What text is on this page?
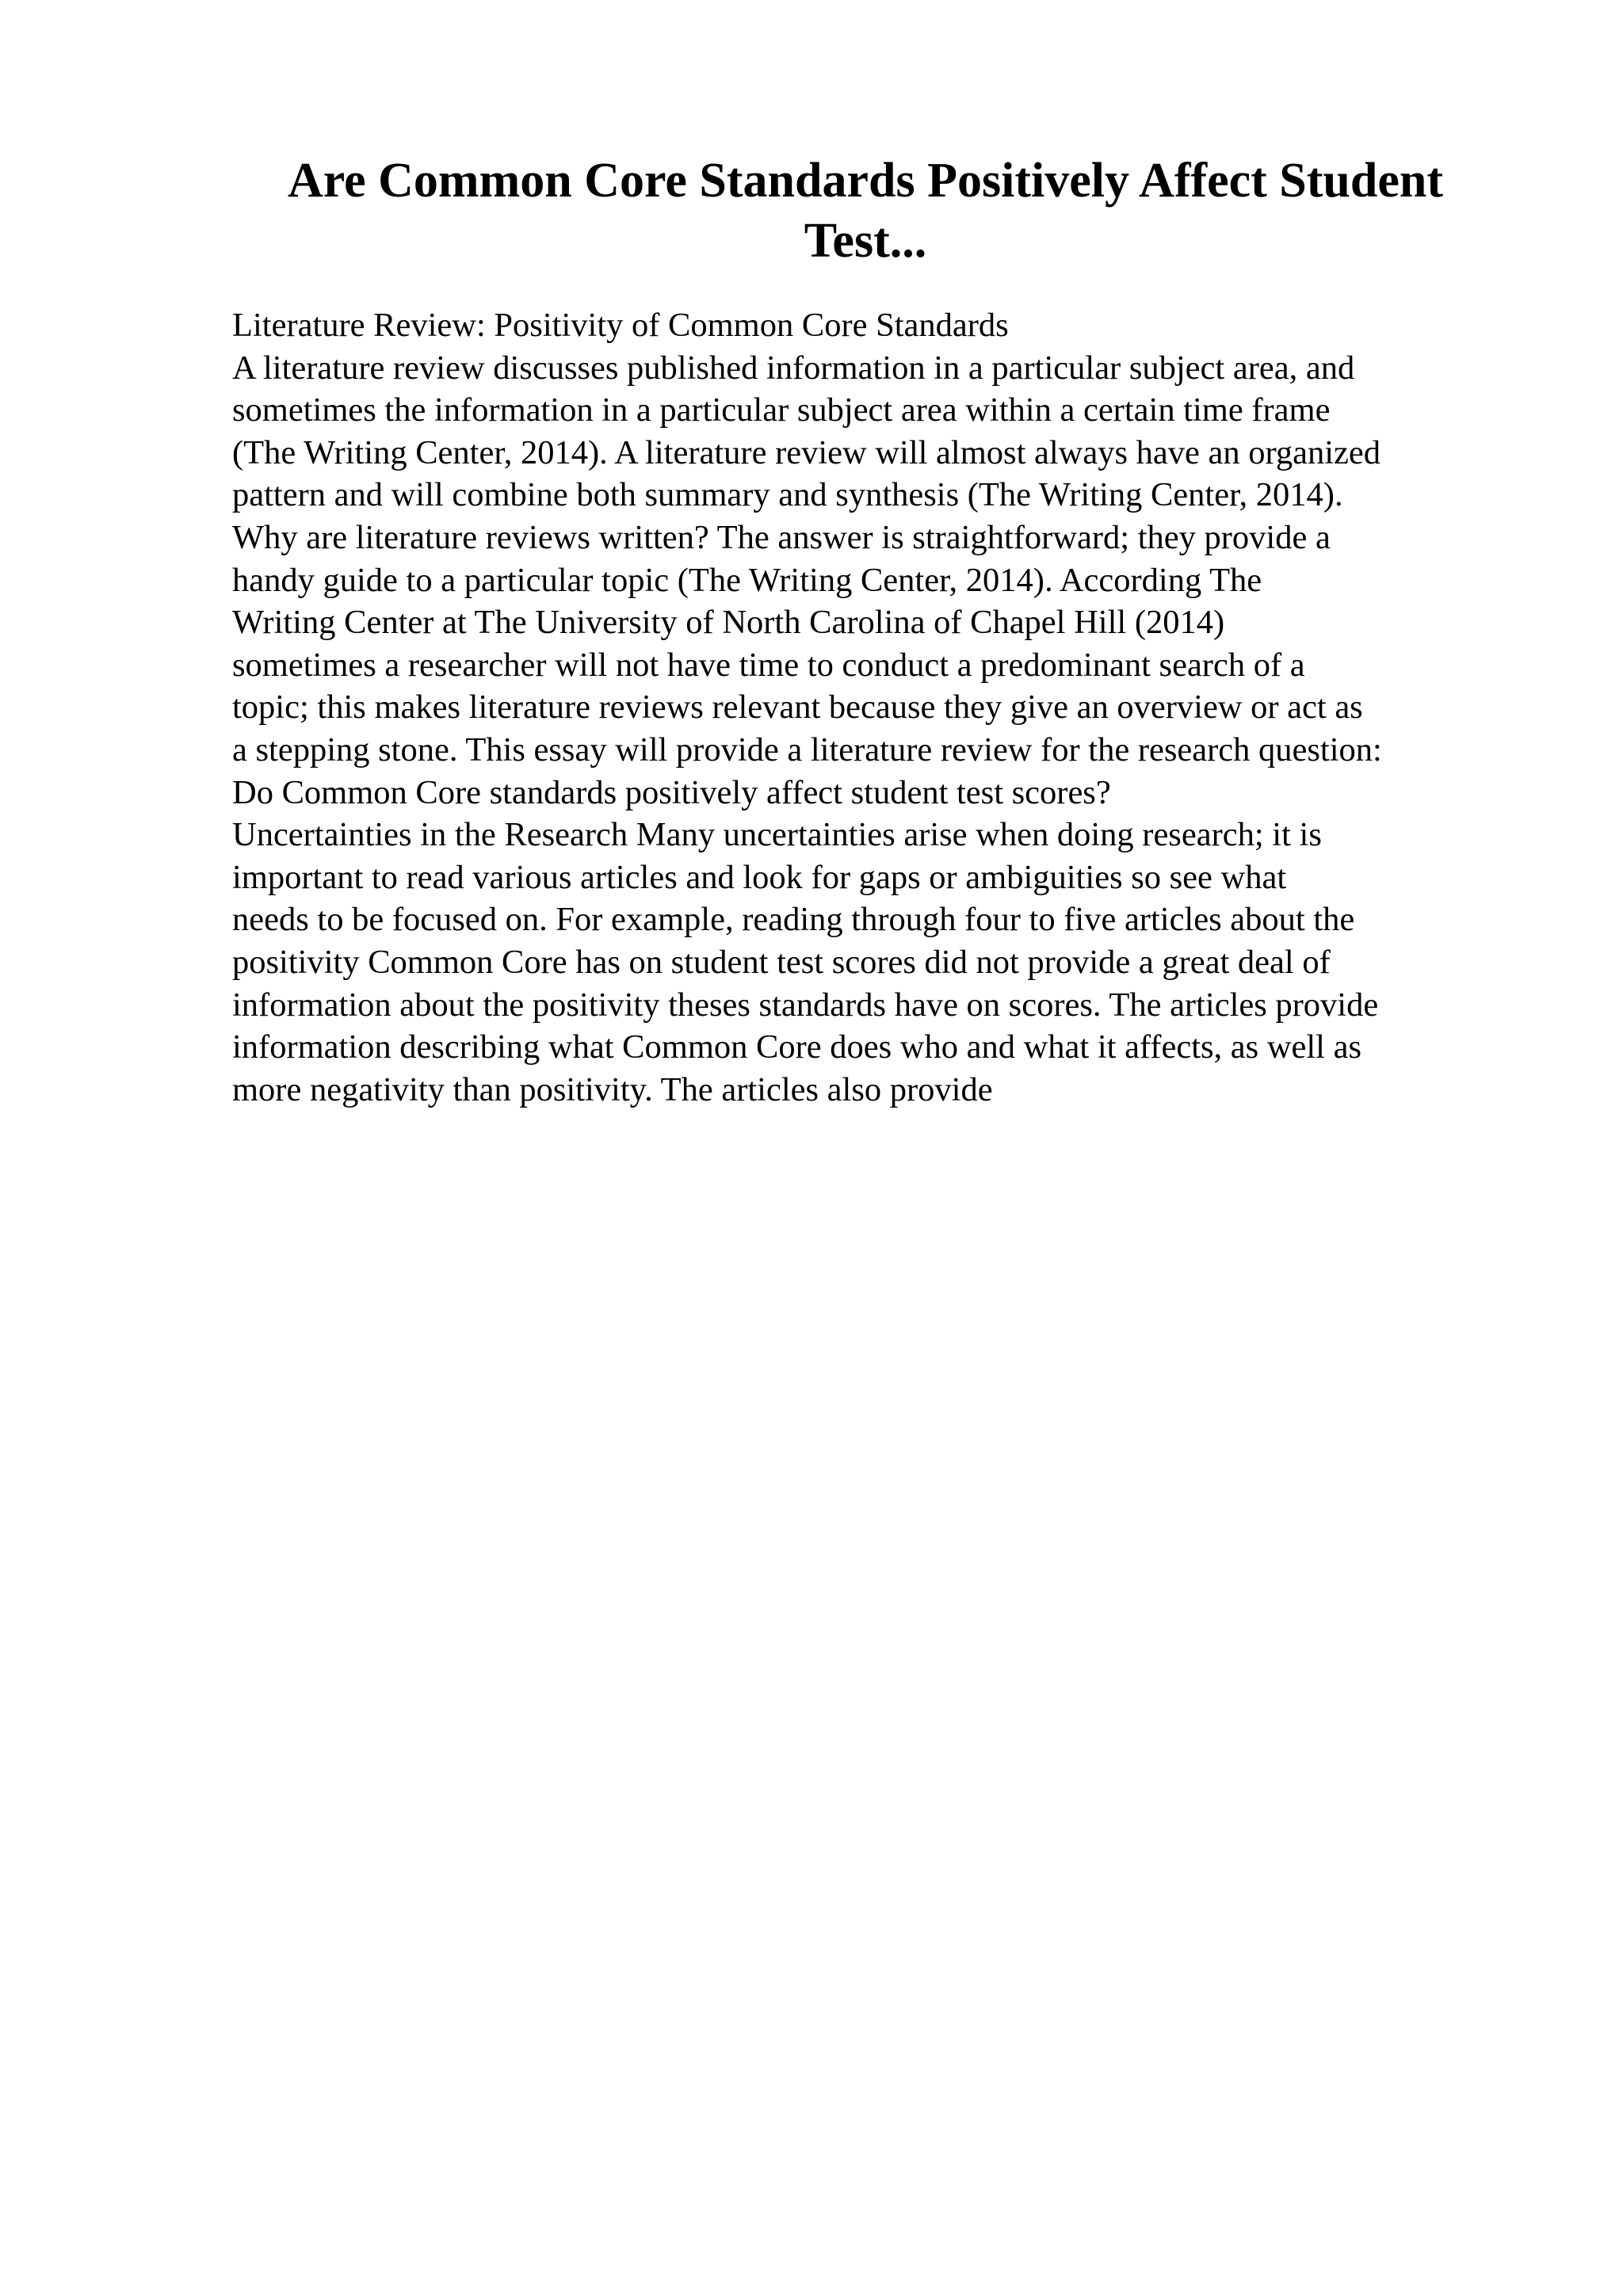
Are Common Core Standards Positively Affect Student
Test...
Literature Review: Positivity of Common Core Standards
A literature review discusses published information in a particular subject area, and
sometimes the information in a particular subject area within a certain time frame
(The Writing Center, 2014). A literature review will almost always have an organized
pattern and will combine both summary and synthesis (The Writing Center, 2014).
Why are literature reviews written? The answer is straightforward; they provide a
handy guide to a particular topic (The Writing Center, 2014). According The
Writing Center at The University of North Carolina of Chapel Hill (2014)
sometimes a researcher will not have time to conduct a predominant search of a
topic; this makes literature reviews relevant because they give an overview or act as
a stepping stone. This essay will provide a literature review for the research question:
Do Common Core standards positively affect student test scores?
Uncertainties in the Research Many uncertainties arise when doing research; it is
important to read various articles and look for gaps or ambiguities so see what
needs to be focused on. For example, reading through four to five articles about the
positivity Common Core has on student test scores did not provide a great deal of
information about the positivity theses standards have on scores. The articles provide
information describing what Common Core does who and what it affects, as well as
more negativity than positivity. The articles also provide
